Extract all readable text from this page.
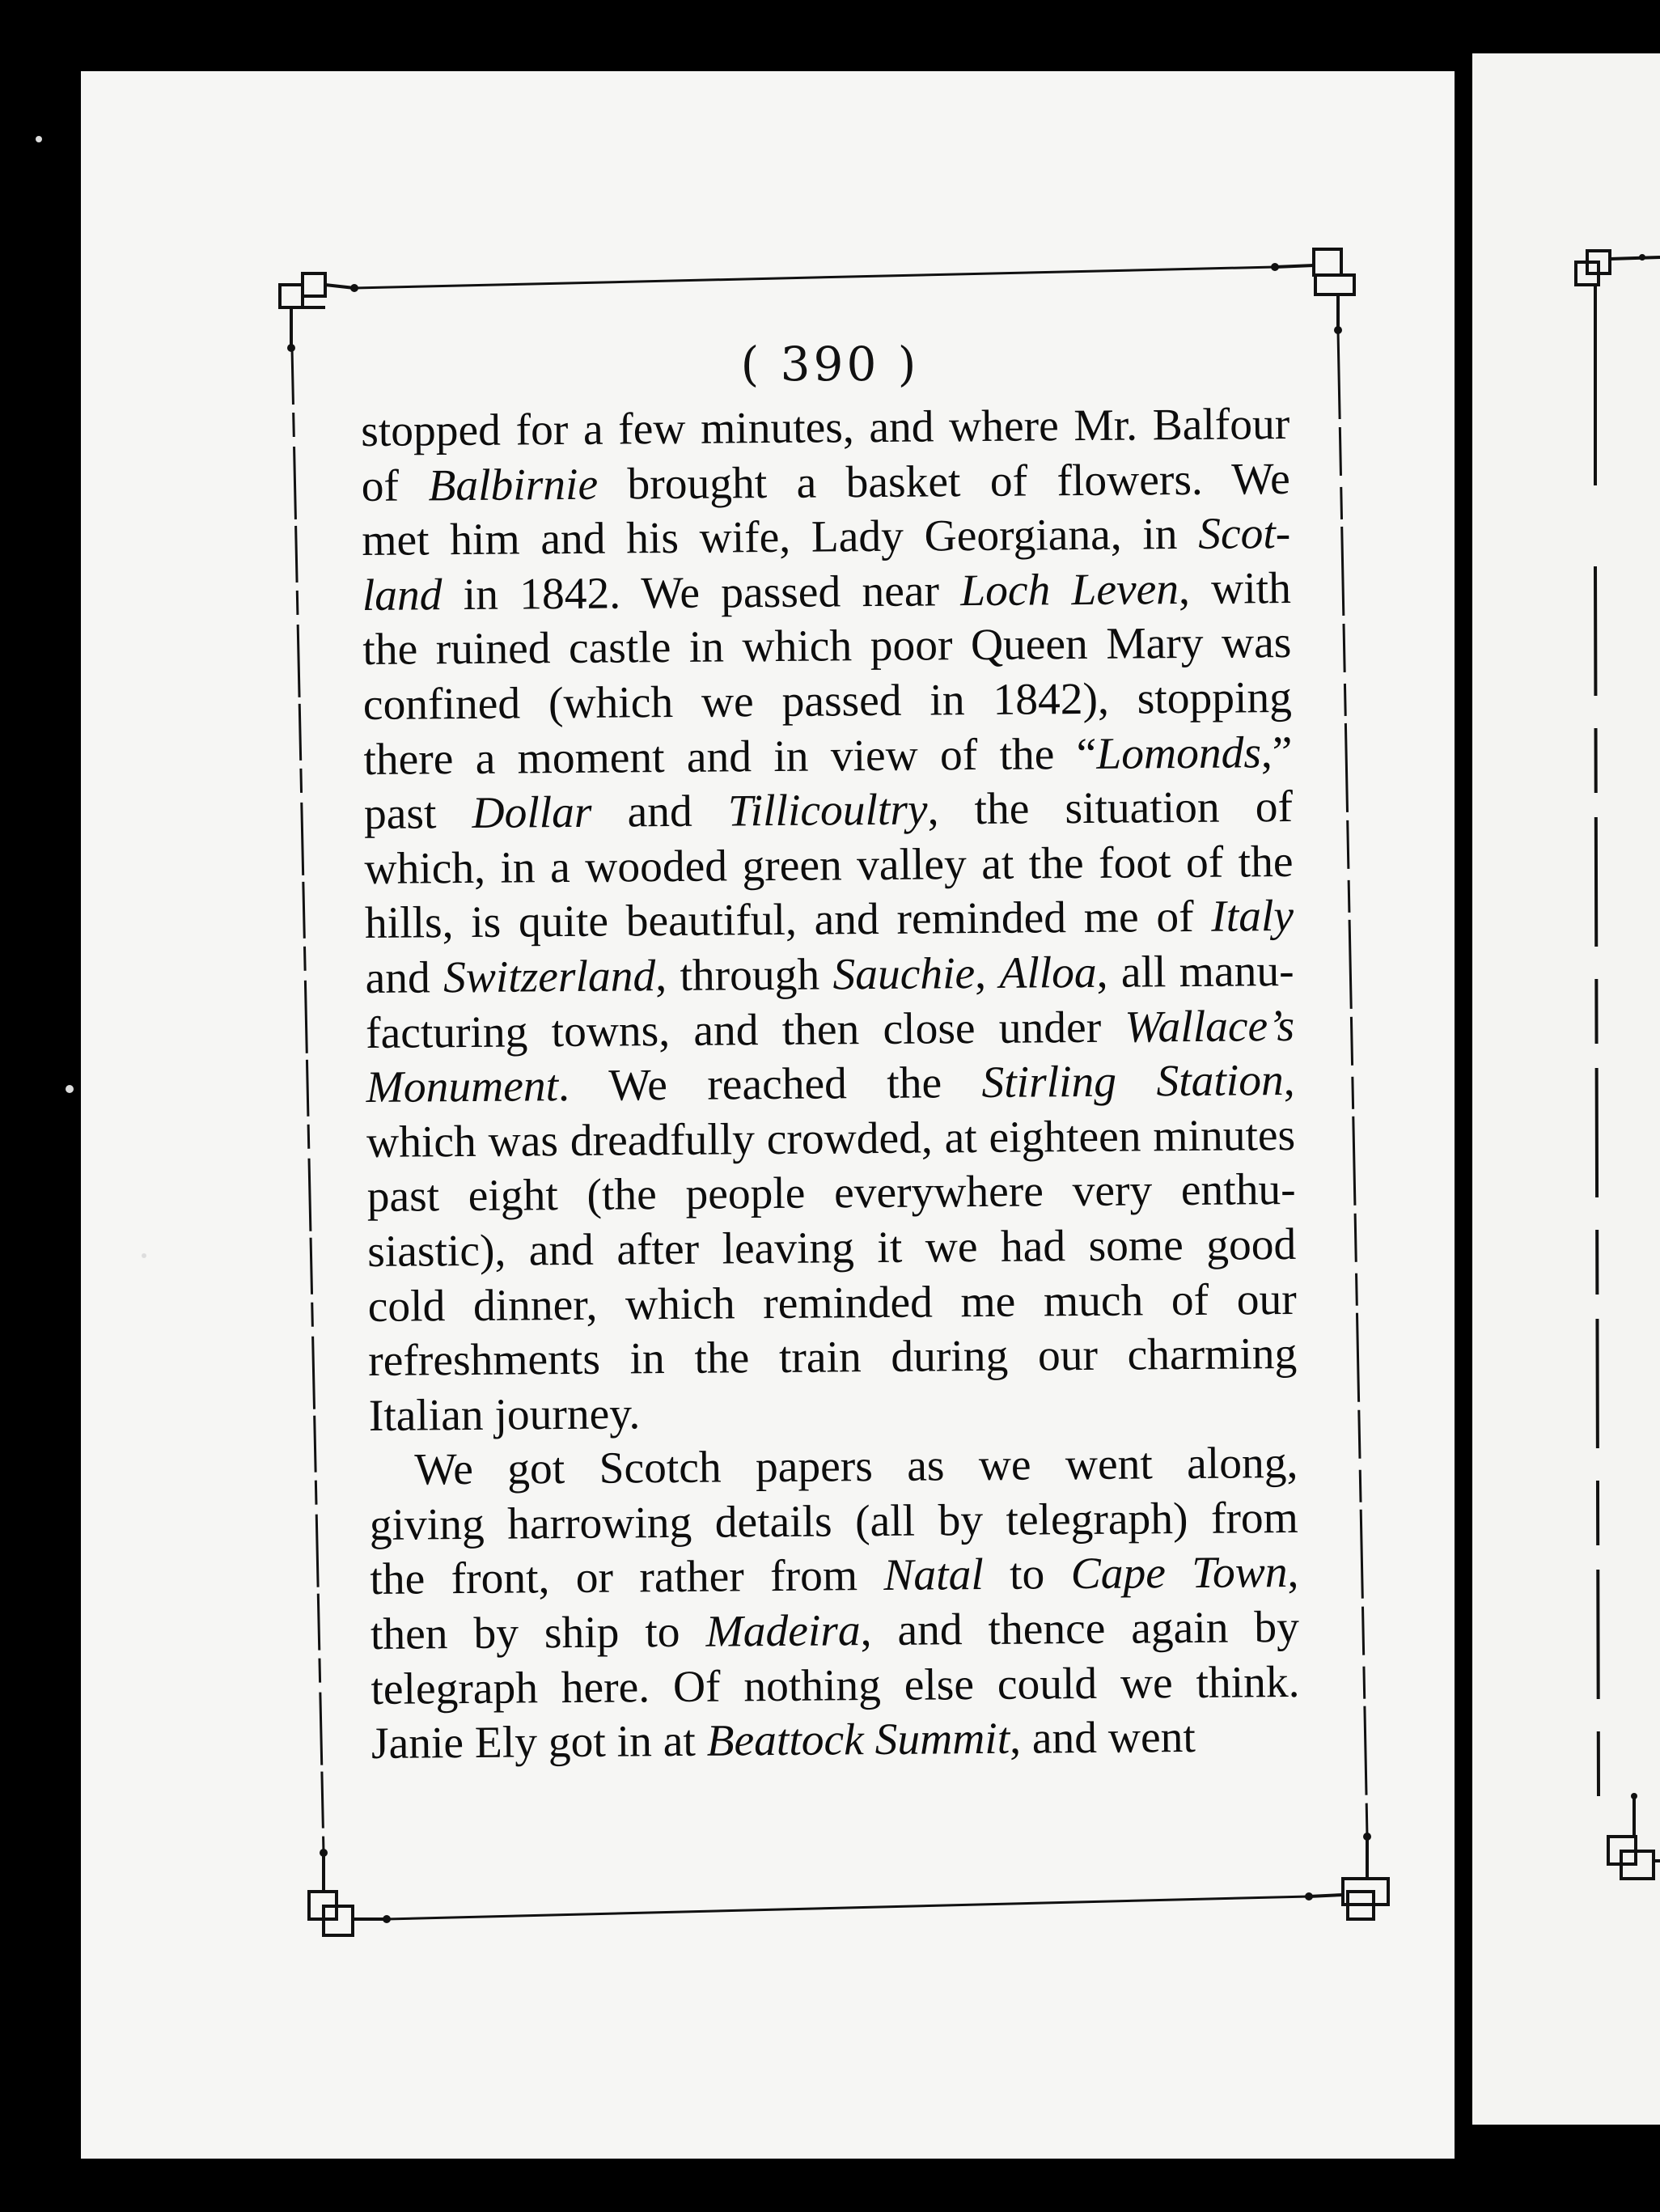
( 390 )
stopped for a few minutes, and where Mr. Balfour
of Balbirnie brought a basket of flowers. We
met him and his wife, Lady Georgiana, in Scot-
land in 1842. We passed near Loch Leven, with
the ruined castle in which poor Queen Mary was
confined (which we passed in 1842), stopping
there a moment and in view of the “Lomonds,”
past Dollar and Tillicoultry, the situation of
which, in a wooded green valley at the foot of the
hills, is quite beautiful, and reminded me of Italy
and Switzerland, through Sauchie, Alloa, all manu-
facturing towns, and then close under Wallace’s
Monument. We reached the Stirling Station,
which was dreadfully crowded, at eighteen minutes
past eight (the people everywhere very enthu-
siastic), and after leaving it we had some good
cold dinner, which reminded me much of our
refreshments in the train during our charming
Italian journey.
We got Scotch papers as we went along,
giving harrowing details (all by telegraph) from
the front, or rather from Natal to Cape Town,
then by ship to Madeira, and thence again by
telegraph here. Of nothing else could we think.
Janie Ely got in at Beattock Summit, and went
